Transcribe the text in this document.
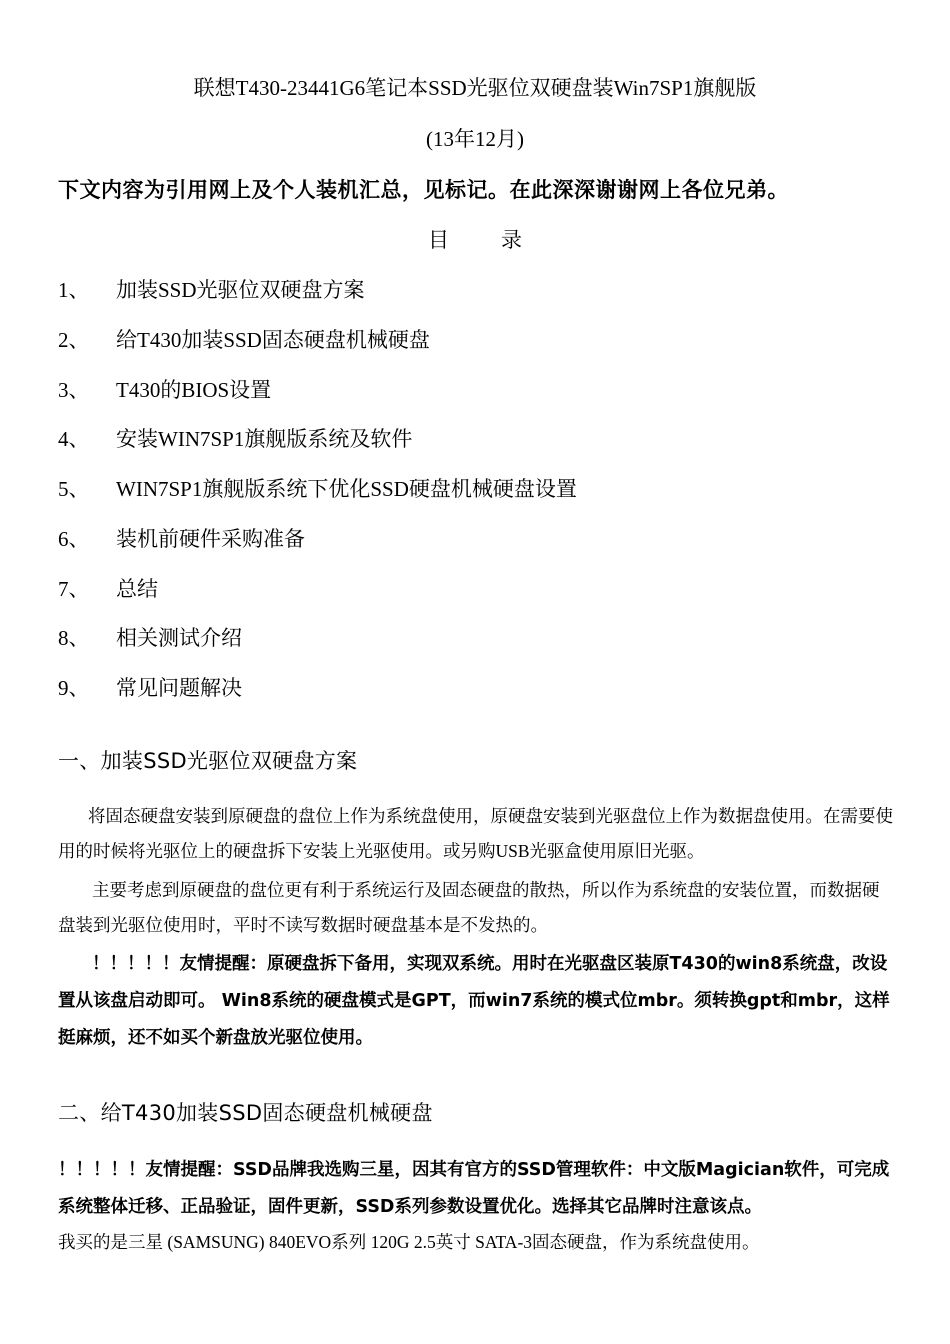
联想T430-23441G6笔记本SSD光驱位双硬盘装Win7SP1旗舰版
(13年12月)
下文内容为引用网上及个人装机汇总，见标记。在此深深谢谢网上各位兄弟。
目 录
1、 加装SSD光驱位双硬盘方案
2、 给T430加装SSD固态硬盘机械硬盘
3、 T430的BIOS设置
4、 安装WIN7SP1旗舰版系统及软件
5、 WIN7SP1旗舰版系统下优化SSD硬盘机械硬盘设置
6、 装机前硬件采购准备
7、 总结
8、 相关测试介绍
9、 常见问题解决
一、加装SSD光驱位双硬盘方案
将固态硬盘安装到原硬盘的盘位上作为系统盘使用，原硬盘安装到光驱盘位上作为数据盘使用。在需要使用的时候将光驱位上的硬盘拆下安装上光驱使用。或另购USB光驱盒使用原旧光驱。
主要考虑到原硬盘的盘位更有利于系统运行及固态硬盘的散热，所以作为系统盘的安装位置，而数据硬盘装到光驱位使用时，平时不读写数据时硬盘基本是不发热的。
！！！！！友情提醒：原硬盘拆下备用，实现双系统。用时在光驱盘区装原T430的win8系统盘，改设置从该盘启动即可。 Win8系统的硬盘模式是GPT，而win7系统的模式位mbr。须转换gpt和mbr，这样挺麻烦，还不如买个新盘放光驱位使用。
二、给T430加装SSD固态硬盘机械硬盘
！！！！！友情提醒：SSD品牌我选购三星，因其有官方的SSD管理软件：中文版Magician软件，可完成系统整体迁移、正品验证，固件更新，SSD系列参数设置优化。选择其它品牌时注意该点。
我买的是三星 (SAMSUNG) 840EVO系列 120G 2.5英寸 SATA-3固态硬盘，作为系统盘使用。
